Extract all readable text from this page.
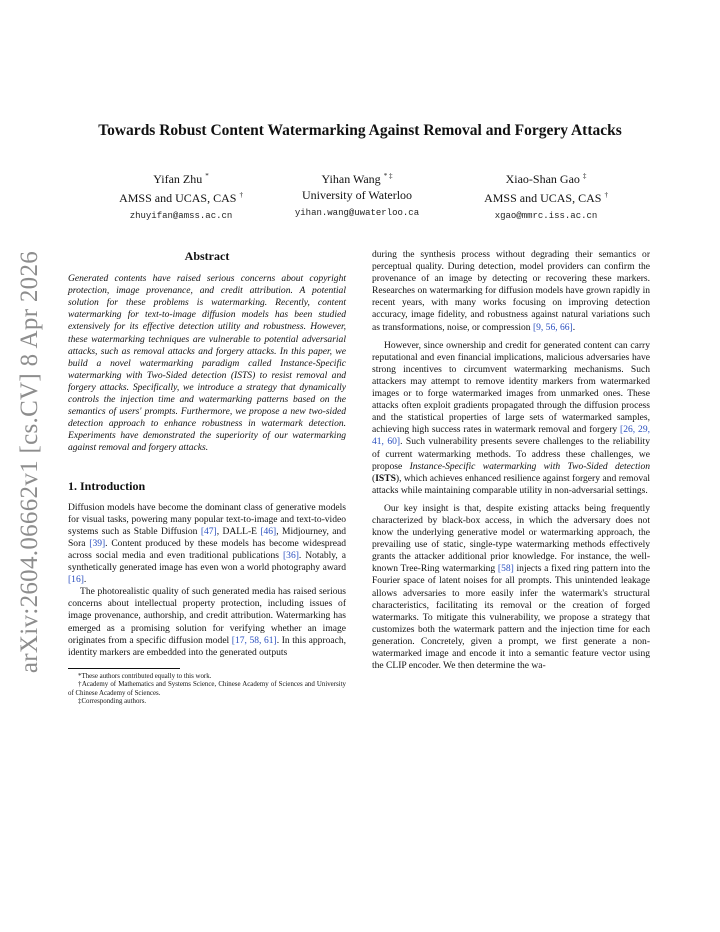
arXiv:2604.06662v1 [cs.CV] 8 Apr 2026
Towards Robust Content Watermarking Against Removal and Forgery Attacks
Yifan Zhu *
AMSS and UCAS, CAS †
zhuyifan@amss.ac.cn
Yihan Wang * ‡
University of Waterloo
yihan.wang@uwaterloo.ca
Xiao-Shan Gao ‡
AMSS and UCAS, CAS †
xgao@mmrc.iss.ac.cn
Abstract

Generated contents have raised serious concerns about copyright protection, image provenance, and credit attribution. A potential solution for these problems is watermarking. Recently, content watermarking for text-to-image diffusion models has been studied extensively for its effective detection utility and robustness. However, these watermarking techniques are vulnerable to potential adversarial attacks, such as removal attacks and forgery attacks. In this paper, we build a novel watermarking paradigm called Instance-Specific watermarking with Two-Sided detection (ISTS) to resist removal and forgery attacks. Specifically, we introduce a strategy that dynamically controls the injection time and watermarking patterns based on the semantics of users' prompts. Furthermore, we propose a new two-sided detection approach to enhance robustness in watermark detection. Experiments have demonstrated the superiority of our watermarking against removal and forgery attacks.

1. Introduction

Diffusion models have become the dominant class of generative models for visual tasks, powering many popular text-to-image and text-to-video systems such as Stable Diffusion [47], DALL-E [46], Midjourney, and Sora [39]. Content produced by these models has become widespread across social media and even traditional publications [36]. Notably, a synthetically generated image has even won a world photography award [16].

The photorealistic quality of such generated media has raised serious concerns about intellectual property protection, including issues of image provenance, authorship, and credit attribution. Watermarking has emerged as a promising solution for verifying whether an image originates from a specific diffusion model [17, 58, 61]. In this approach, identity markers are embedded into the generated outputs

*These authors contributed equally to this work.

†Academy of Mathematics and Systems Science, Chinese Academy of Sciences and University of Chinese Academy of Sciences.

‡Corresponding authors.

during the synthesis process without degrading their semantics or perceptual quality. During detection, model providers can confirm the provenance of an image by detecting or recovering these markers. Researches on watermarking for diffusion models have grown rapidly in recent years, with many works focusing on improving detection accuracy, image fidelity, and robustness against natural variations such as transformations, noise, or compression [9, 56, 66].

However, since ownership and credit for generated content can carry reputational and even financial implications, malicious adversaries have strong incentives to circumvent watermarking mechanisms. Such attackers may attempt to remove identity markers from watermarked images or to forge watermarked images from unmarked ones. These attacks often exploit gradients propagated through the diffusion process and the statistical properties of large sets of watermarked samples, achieving high success rates in watermark removal and forgery [26, 29, 41, 60]. Such vulnerability presents severe challenges to the reliability of current watermarking methods. To address these challenges, we propose Instance-Specific watermarking with Two-Sided detection (ISTS), which achieves enhanced resilience against forgery and removal attacks while maintaining comparable utility in non-adversarial settings.

Our key insight is that, despite existing attacks being frequently characterized by black-box access, in which the adversary does not know the underlying generative model or watermarking approach, the prevailing use of static, single-type watermarking methods effectively grants the attacker additional prior knowledge. For instance, the well-known Tree-Ring watermarking [58] injects a fixed ring pattern into the Fourier space of latent noises for all prompts. This unintended leakage allows adversaries to more easily infer the watermark's structural characteristics, facilitating its removal or the creation of forged watermarks. To mitigate this vulnerability, we propose a strategy that customizes both the watermark pattern and the injection time for each generation. Concretely, given a prompt, we first generate a non-watermarked image and encode it into a semantic feature vector using the CLIP encoder. We then determine the wa-
